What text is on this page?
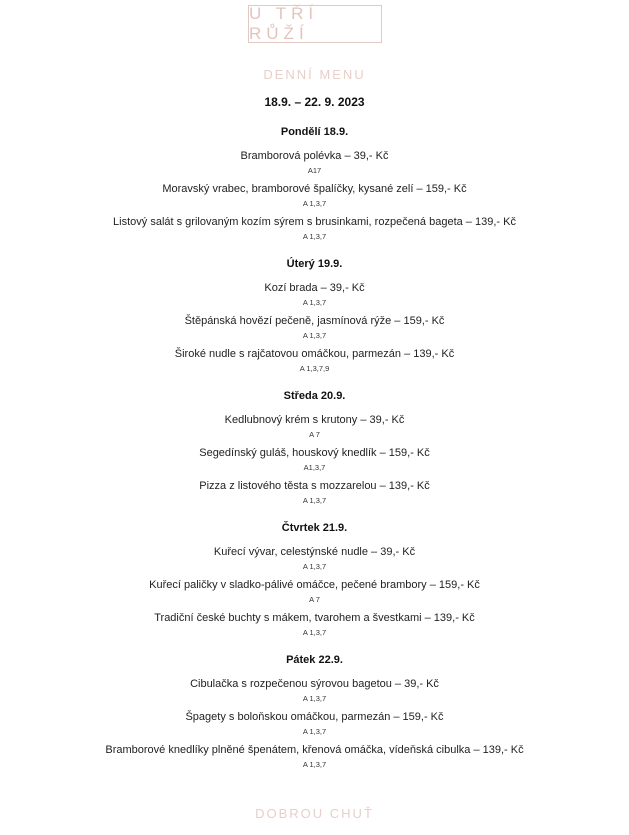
U TŘÍ RŮŽÍ
DENNÍ MENU
18.9. – 22. 9. 2023
Pondělí 18.9.
Bramborová polévka – 39,- Kč
A17
Moravský vrabec, bramborové špalíčky, kysané zelí – 159,- Kč
A 1,3,7
Listový salát s grilovaným kozím sýrem s brusinkami, rozpečená bageta – 139,- Kč
A 1,3,7
Úterý 19.9.
Kozí brada – 39,- Kč
A 1,3,7
Štěpánská hovězí pečeně, jasmínová rýže – 159,- Kč
A 1,3,7
Široké nudle s rajčatovou omáčkou, parmezán – 139,- Kč
A 1,3,7,9
Středa 20.9.
Kedlubnový krém s krutony – 39,- Kč
A 7
Segedínský guláš, houskový knedlík – 159,- Kč
A1,3,7
Pizza z listového těsta s mozzarelou – 139,- Kč
A 1,3,7
Čtvrtek 21.9.
Kuřecí vývar, celestýnské nudle – 39,- Kč
A 1,3,7
Kuřecí paličky v sladko-pálivé omáčce, pečené brambory – 159,- Kč
A 7
Tradiční české buchty s mákem, tvarohem a švestkami – 139,- Kč
A 1,3,7
Pátek 22.9.
Cibulačka s rozpečenou sýrovou bagetou – 39,- Kč
A 1,3,7
Špagety s boloňskou omáčkou, parmezán – 159,- Kč
A 1,3,7
Bramborové knedlíky plněné špenátem, křenová omáčka, vídeňská cibulka – 139,- Kč
A 1,3,7
DOBROU CHUŤ
